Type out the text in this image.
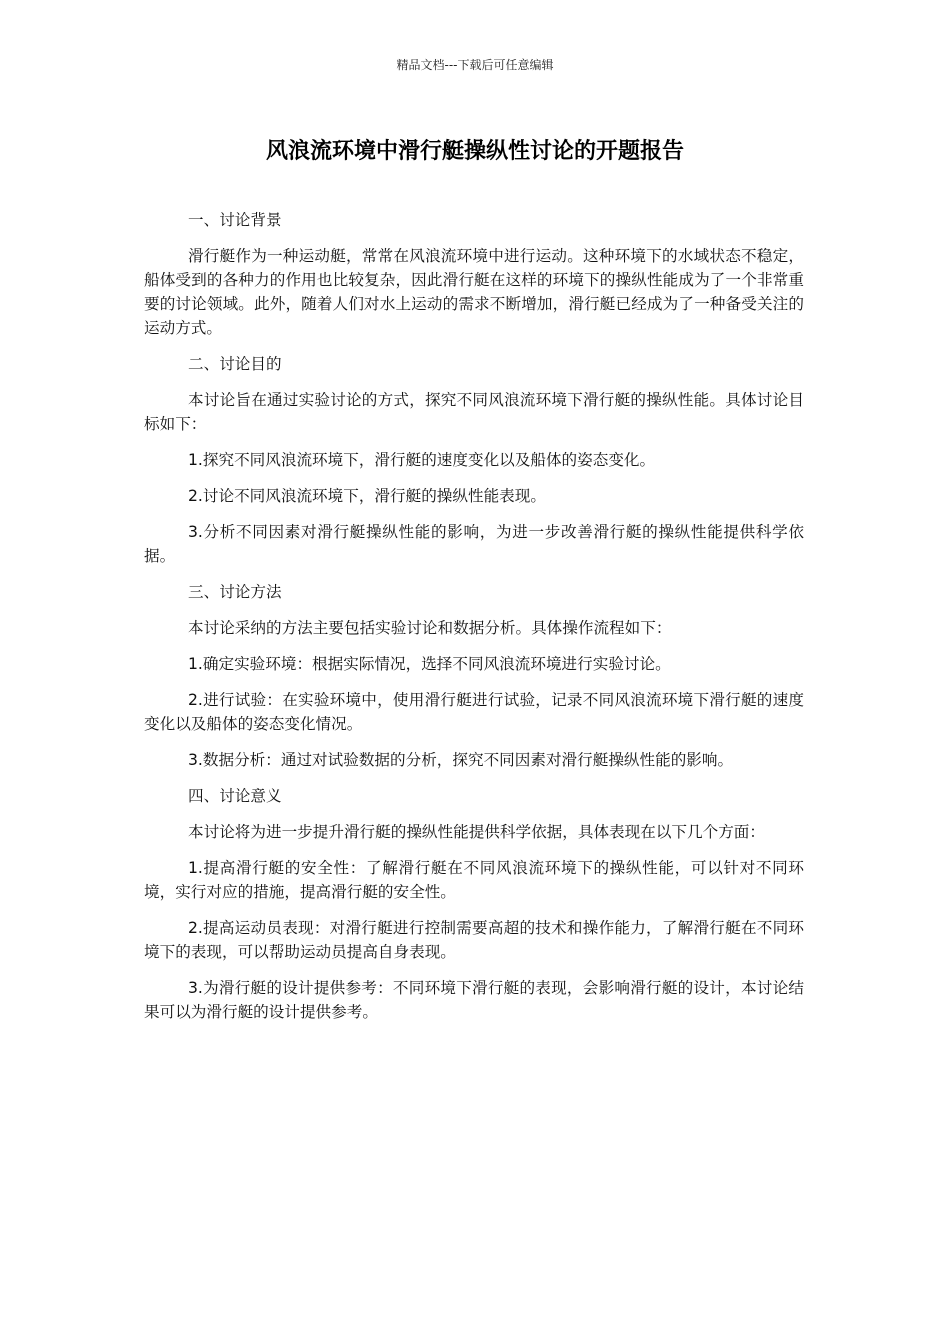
精品文档---下载后可任意编辑
风浪流环境中滑行艇操纵性讨论的开题报告

一、讨论背景

滑行艇作为一种运动艇，常常在风浪流环境中进行运动。这种环境下的水域状态不稳定，船体受到的各种力的作用也比较复杂，因此滑行艇在这样的环境下的操纵性能成为了一个非常重要的讨论领域。此外，随着人们对水上运动的需求不断增加，滑行艇已经成为了一种备受关注的运动方式。

二、讨论目的

本讨论旨在通过实验讨论的方式，探究不同风浪流环境下滑行艇的操纵性能。具体讨论目标如下：

1.探究不同风浪流环境下，滑行艇的速度变化以及船体的姿态变化。

2.讨论不同风浪流环境下，滑行艇的操纵性能表现。

3.分析不同因素对滑行艇操纵性能的影响，为进一步改善滑行艇的操纵性能提供科学依据。

三、讨论方法

本讨论采纳的方法主要包括实验讨论和数据分析。具体操作流程如下：

1.确定实验环境：根据实际情况，选择不同风浪流环境进行实验讨论。

2.进行试验：在实验环境中，使用滑行艇进行试验，记录不同风浪流环境下滑行艇的速度变化以及船体的姿态变化情况。

3.数据分析：通过对试验数据的分析，探究不同因素对滑行艇操纵性能的影响。

四、讨论意义

本讨论将为进一步提升滑行艇的操纵性能提供科学依据，具体表现在以下几个方面：

1.提高滑行艇的安全性：了解滑行艇在不同风浪流环境下的操纵性能，可以针对不同环境，实行对应的措施，提高滑行艇的安全性。

2.提高运动员表现：对滑行艇进行控制需要高超的技术和操作能力，了解滑行艇在不同环境下的表现，可以帮助运动员提高自身表现。

3.为滑行艇的设计提供参考：不同环境下滑行艇的表现，会影响滑行艇的设计，本讨论结果可以为滑行艇的设计提供参考。
